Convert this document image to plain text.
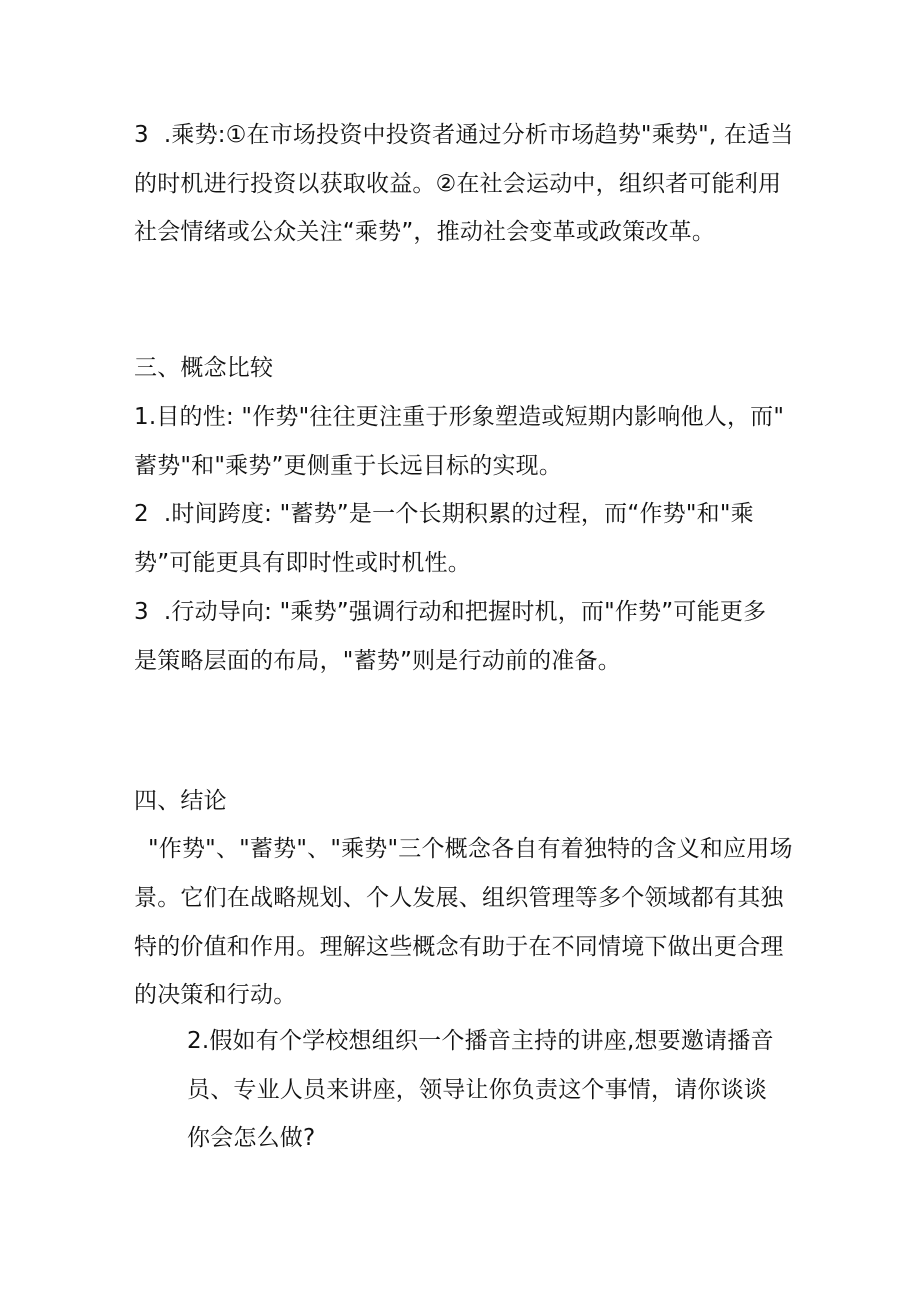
3  .乘势:①在市场投资中投资者通过分析市场趋势"乘势", 在适当
的时机进行投资以获取收益。②在社会运动中，组织者可能利用
社会情绪或公众关注“乘势”，推动社会变革或政策改革。
三、概念比较
1.目的性: "作势"往往更注重于形象塑造或短期内影响他人，而"
蓄势"和"乘势”更侧重于长远目标的实现。
2  .时间跨度: "蓄势”是一个长期积累的过程，而“作势"和"乘
势”可能更具有即时性或时机性。
3  .行动导向: "乘势”强调行动和把握时机，而"作势”可能更多
是策略层面的布局，"蓄势”则是行动前的准备。
四、结论
"作势"、"蓄势"、"乘势"三个概念各自有着独特的含义和应用场
景。它们在战略规划、个人发展、组织管理等多个领域都有其独
特的价值和作用。理解这些概念有助于在不同情境下做出更合理
的决策和行动。
2.假如有个学校想组织一个播音主持的讲座,想要邀请播音
员、专业人员来讲座，领导让你负责这个事情，请你谈谈
你会怎么做?
